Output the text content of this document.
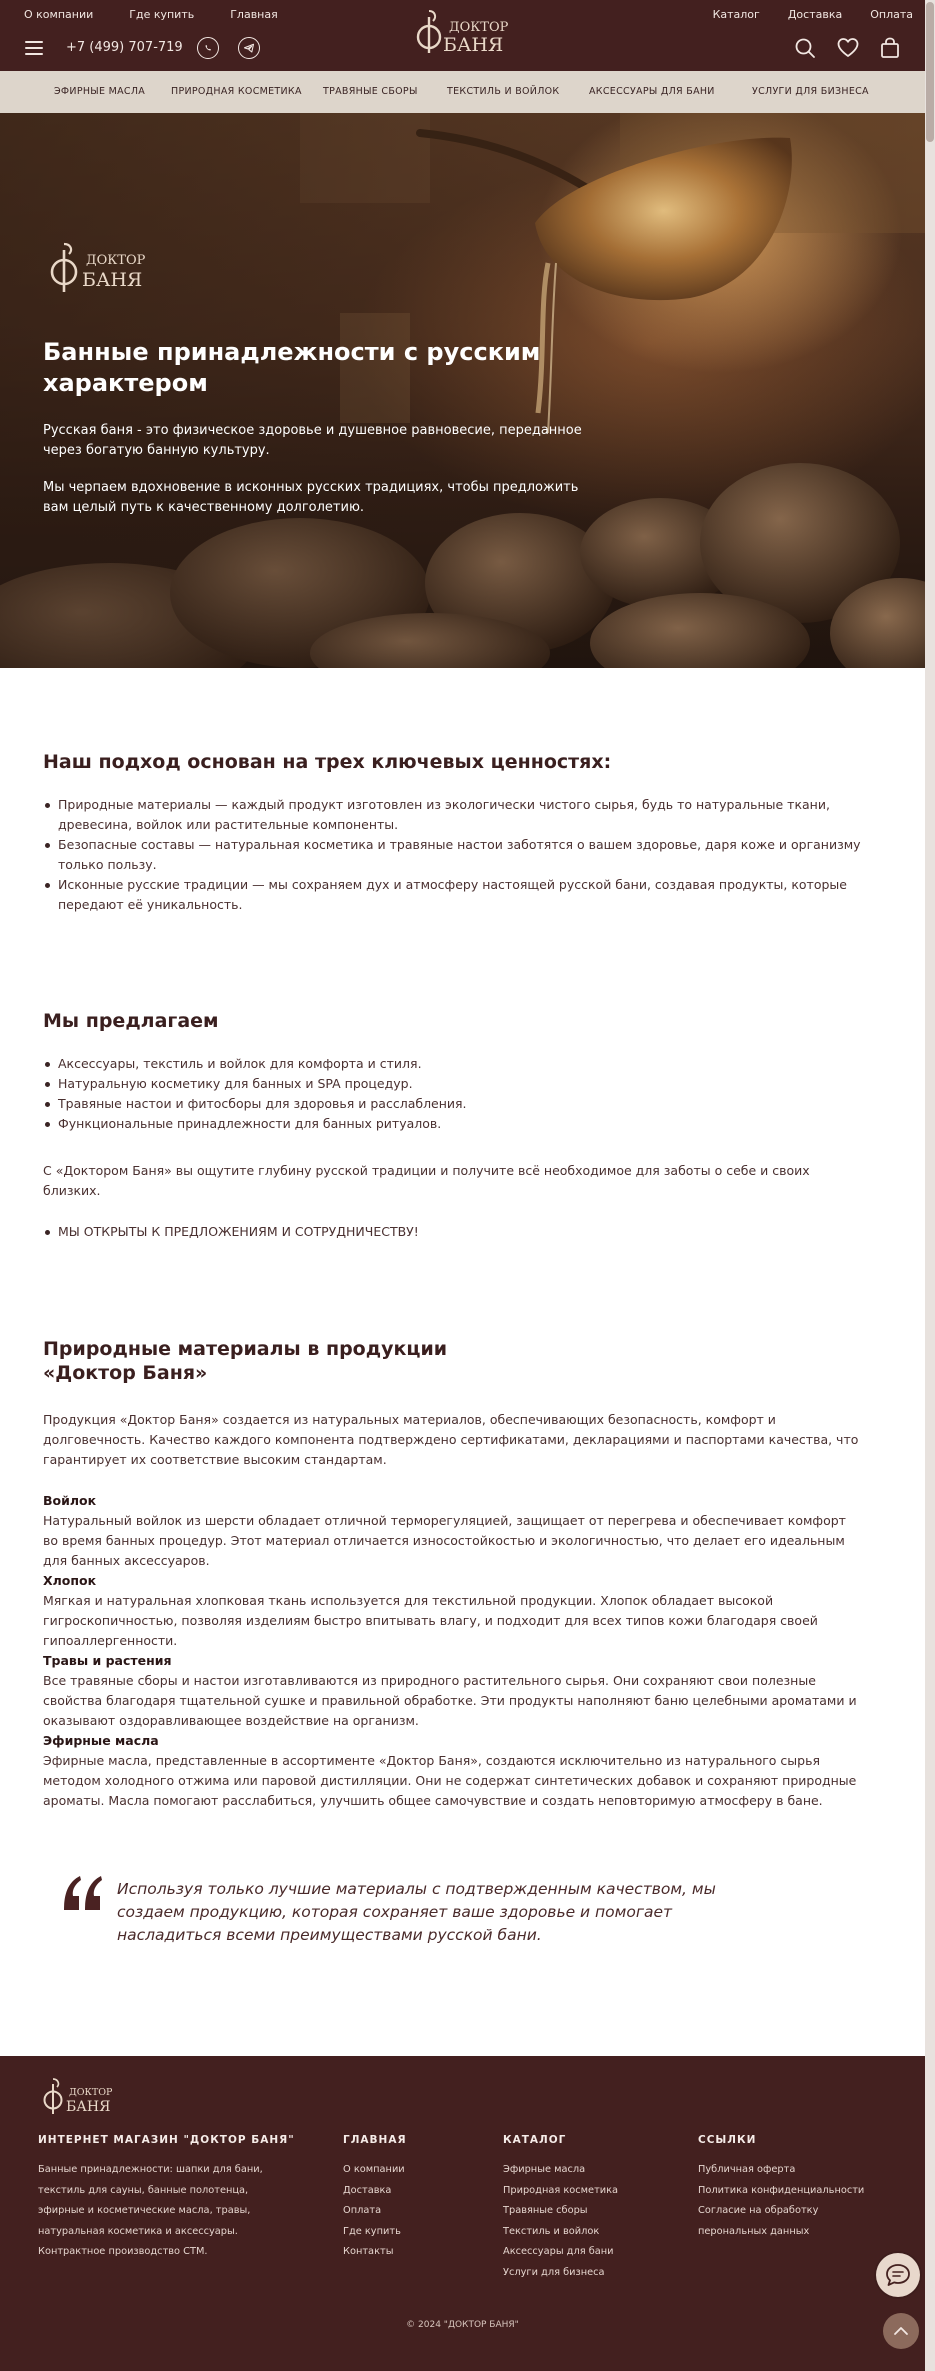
О компании	Где купить	Главная
ДОКТОР
БАНЯ
Каталог	Доставка	Оплата
+7 (499) 707-719
ЭФИРНЫЕ МАСЛА	ПРИРОДНАЯ КОСМЕТИКА ТРАВЯНЫЕ СБОРЫ	ТЕКСТИЛЬ И ВОЙЛОК	АКСЕССУАРЫ ДЛЯ БАНИ	УСЛУГИ ДЛЯ БИЗНЕСА
ДОКТОР
БАНЯ
Банные принадлежности с русским характером

Русская баня - это физическое здоровье и душевное равновесие, переданное через богатую банную культуру.

Мы черпаем вдохновение в исконных русских традициях, чтобы предложить вам целый путь к качественному долголетию.

Наш подход основан на трех ключевых ценностях:
Природные материалы — каждый продукт изготовлен из экологически чистого сырья, будь то натуральные ткани, древесина, войлок или растительные компоненты.
Безопасные составы — натуральная косметика и травяные настои заботятся о вашем здоровье, даря коже и организму только пользу.
Исконные русские традиции — мы сохраняем дух и атмосферу настоящей русской бани, создавая продукты, которые передают её уникальность.
Мы предлагаем
Аксессуары, текстиль и войлок для комфорта и стиля.
Натуральную косметику для банных и SPA процедур.
Травяные настои и фитосборы для здоровья и расслабления.
Функциональные принадлежности для банных ритуалов.

С «Доктором Баня» вы ощутите глубину русской традиции и получите всё необходимое для заботы о себе и своих близких.

МЫ ОТКРЫТЫ К ПРЕДЛОЖЕНИЯМ И СОТРУДНИЧЕСТВУ!
Природные материалы в продукции
«Доктор Баня»

Продукция «Доктор Баня» создается из натуральных материалов, обеспечивающих безопасность, комфорт и долговечность. Качество каждого компонента подтверждено сертификатами, декларациями и паспортами качества, что гарантирует их соответствие высоким стандартам.

Войлок

Натуральный войлок из шерсти обладает отличной терморегуляцией, защищает от перегрева и обеспечивает комфорт во время банных процедур. Этот материал отличается износостойкостью и экологичностью, что делает его идеальным для банных аксессуаров.

Хлопок

Мягкая и натуральная хлопковая ткань используется для текстильной продукции. Хлопок обладает высокой гигроскопичностью, позволяя изделиям быстро впитывать влагу, и подходит для всех типов кожи благодаря своей гипоаллергенности.

Травы и растения

Все травяные сборы и настои изготавливаются из природного растительного сырья. Они сохраняют свои полезные свойства благодаря тщательной сушке и правильной обработке. Эти продукты наполняют баню целебными ароматами и оказывают оздоравливающее воздействие на организм.

Эфирные масла

Эфирные масла, представленные в ассортименте «Доктор Баня», создаются исключительно из натурального сырья методом холодного отжима или паровой дистилляции. Они не содержат синтетических добавок и сохраняют природные ароматы. Масла помогают расслабиться, улучшить общее самочувствие и создать неповторимую атмосферу в бане.

Используя только лучшие материалы с подтвержденным качеством, мы создаем продукцию, которая сохраняет ваше здоровье и помогает насладиться всеми преимуществами русской бани.
ДОКТОР
БАНЯ
ИНТЕРНЕТ МАГАЗИН "ДОКТОР БАНЯ"
Банные принадлежности: шапки для бани,
текстиль для сауны, банные полотенца,
эфирные и косметические масла, травы,
натуральная косметика и аксессуары.
Контрактное производство СТМ.
ГЛАВНАЯ
О компании
Доставка
Оплата
Где купить
Контакты
КАТАЛОГ
Эфирные масла
Природная косметика
Травяные сборы
Текстиль и войлок
Аксессуары для бани
Услуги для бизнеса
ССЫЛКИ
Публичная оферта
Политика конфиденциальности
Согласие на обработку
перональных данных
© 2024 "ДОКТОР БАНЯ"
